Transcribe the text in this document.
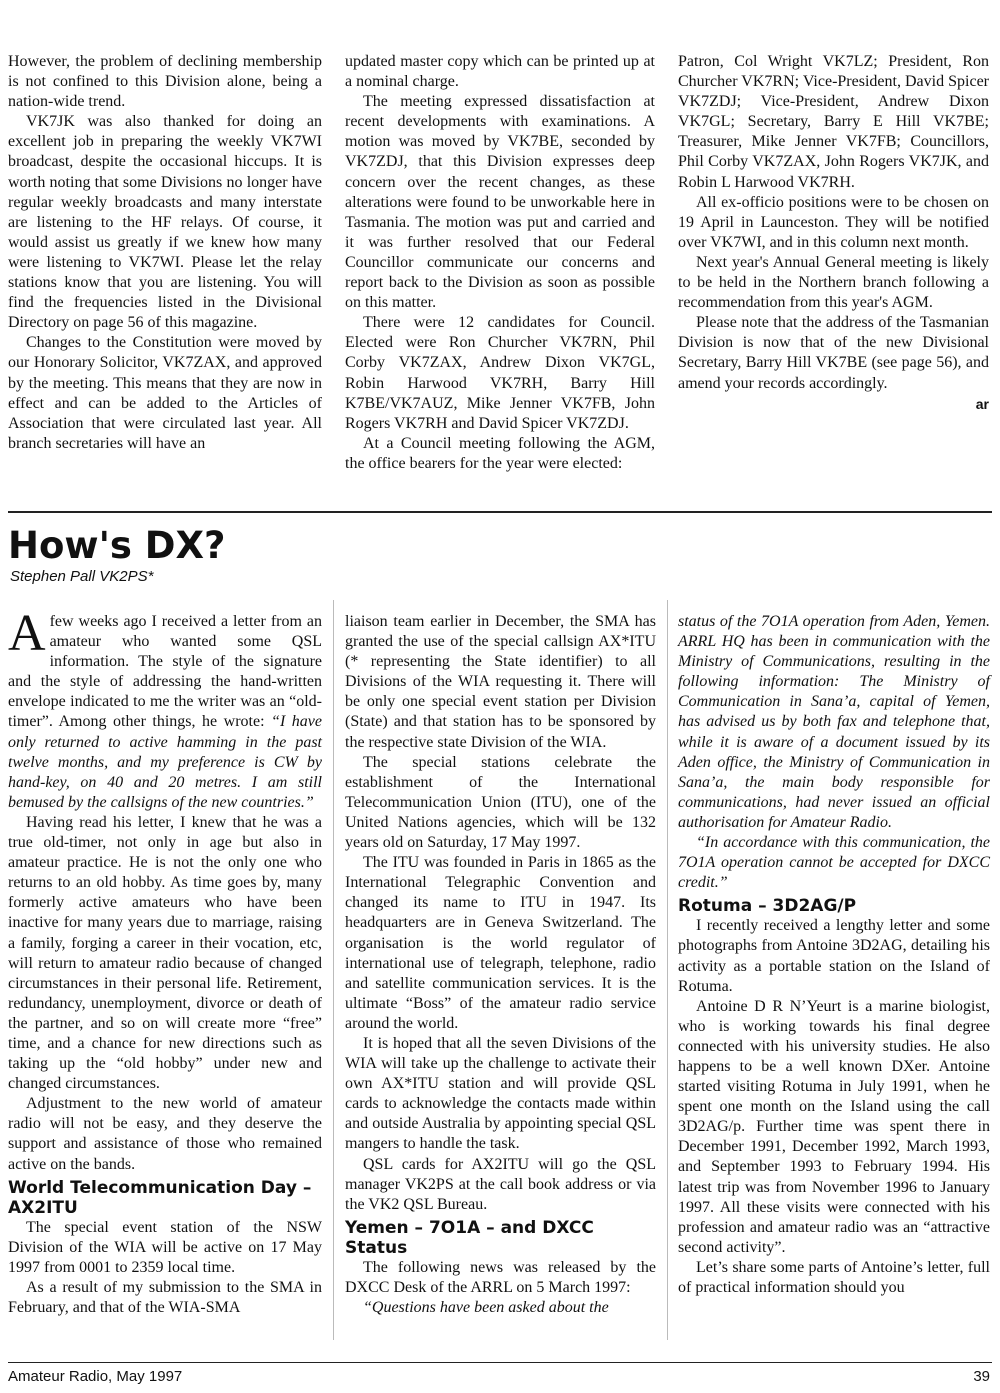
However, the problem of declining membership is not confined to this Division alone, being a nation-wide trend.

VK7JK was also thanked for doing an excellent job in preparing the weekly VK7WI broadcast, despite the occasional hiccups. It is worth noting that some Divisions no longer have regular weekly broadcasts and many interstate are listening to the HF relays. Of course, it would assist us greatly if we knew how many were listening to VK7WI. Please let the relay stations know that you are listening. You will find the frequencies listed in the Divisional Directory on page 56 of this magazine.

Changes to the Constitution were moved by our Honorary Solicitor, VK7ZAX, and approved by the meeting. This means that they are now in effect and can be added to the Articles of Association that were circulated last year. All branch secretaries will have an

updated master copy which can be printed up at a nominal charge.

The meeting expressed dissatisfaction at recent developments with examinations. A motion was moved by VK7BE, seconded by VK7ZDJ, that this Division expresses deep concern over the recent changes, as these alterations were found to be unworkable here in Tasmania. The motion was put and carried and it was further resolved that our Federal Councillor communicate our concerns and report back to the Division as soon as possible on this matter.

There were 12 candidates for Council. Elected were Ron Churcher VK7RN, Phil Corby VK7ZAX, Andrew Dixon VK7GL, Robin Harwood VK7RH, Barry Hill K7BE/VK7AUZ, Mike Jenner VK7FB, John Rogers VK7RH and David Spicer VK7ZDJ.

At a Council meeting following the AGM, the office bearers for the year were elected:

Patron, Col Wright VK7LZ; President, Ron Churcher VK7RN; Vice-President, David Spicer VK7ZDJ; Vice-President, Andrew Dixon VK7GL; Secretary, Barry E Hill VK7BE; Treasurer, Mike Jenner VK7FB; Councillors, Phil Corby VK7ZAX, John Rogers VK7JK, and Robin L Harwood VK7RH.

All ex-officio positions were to be chosen on 19 April in Launceston. They will be notified over VK7WI, and in this column next month.

Next year's Annual General meeting is likely to be held in the Northern branch following a recommendation from this year's AGM.

Please note that the address of the Tasmanian Division is now that of the new Divisional Secretary, Barry Hill VK7BE (see page 56), and amend your records accordingly.

ar

How's DX?
Stephen Pall VK2PS*

Afew weeks ago I received a letter from an amateur who wanted some QSL information. The style of the signature and the style of addressing the hand-written envelope indicated to me the writer was an “old-timer”. Among other things, he wrote: “I have only returned to active hamming in the past twelve months, and my preference is CW by hand-key, on 40 and 20 metres. I am still bemused by the callsigns of the new countries.”

Having read his letter, I knew that he was a true old-timer, not only in age but also in amateur practice. He is not the only one who returns to an old hobby. As time goes by, many formerly active amateurs who have been inactive for many years due to marriage, raising a family, forging a career in their vocation, etc, will return to amateur radio because of changed circumstances in their personal life. Retirement, redundancy, unemployment, divorce or death of the partner, and so on will create more “free” time, and a chance for new directions such as taking up the “old hobby” under new and changed circumstances.

Adjustment to the new world of amateur radio will not be easy, and they deserve the support and assistance of those who remained active on the bands.

World Telecommunication Day – AX2ITU

The special event station of the NSW Division of the WIA will be active on 17 May 1997 from 0001 to 2359 local time.

As a result of my submission to the SMA in February, and that of the WIA-SMA

liaison team earlier in December, the SMA has granted the use of the special callsign AX*ITU (* representing the State identifier) to all Divisions of the WIA requesting it. There will be only one special event station per Division (State) and that station has to be sponsored by the respective state Division of the WIA.

The special stations celebrate the establishment of the International Telecommunication Union (ITU), one of the United Nations agencies, which will be 132 years old on Saturday, 17 May 1997.

The ITU was founded in Paris in 1865 as the International Telegraphic Convention and changed its name to ITU in 1947. Its headquarters are in Geneva Switzerland. The organisation is the world regulator of international use of telegraph, telephone, radio and satellite communication services. It is the ultimate “Boss” of the amateur radio service around the world.

It is hoped that all the seven Divisions of the WIA will take up the challenge to activate their own AX*ITU station and will provide QSL cards to acknowledge the contacts made within and outside Australia by appointing special QSL mangers to handle the task.

QSL cards for AX2ITU will go the QSL manager VK2PS at the call book address or via the VK2 QSL Bureau.

Yemen – 7O1A – and DXCC Status

The following news was released by the DXCC Desk of the ARRL on 5 March 1997:

“Questions have been asked about the

status of the 7O1A operation from Aden, Yemen. ARRL HQ has been in communication with the Ministry of Communications, resulting in the following information: The Ministry of Communication in Sana’a, capital of Yemen, has advised us by both fax and telephone that, while it is aware of a document issued by its Aden office, the Ministry of Communication in Sana’a, the main body responsible for communications, had never issued an official authorisation for Amateur Radio.

“In accordance with this communication, the 7O1A operation cannot be accepted for DXCC credit.”

Rotuma – 3D2AG/P

I recently received a lengthy letter and some photographs from Antoine 3D2AG, detailing his activity as a portable station on the Island of Rotuma.

Antoine D R N’Yeurt is a marine biologist, who is working towards his final degree connected with his university studies. He also happens to be a well known DXer. Antoine started visiting Rotuma in July 1991, when he spent one month on the Island using the call 3D2AG/p. Further time was spent there in December 1991, December 1992, March 1993, and September 1993 to February 1994. His latest trip was from November 1996 to January 1997. All these visits were connected with his profession and amateur radio was an “attractive second activity”.

Let’s share some parts of Antoine’s letter, full of practical information should you

Amateur Radio, May 1997	39
